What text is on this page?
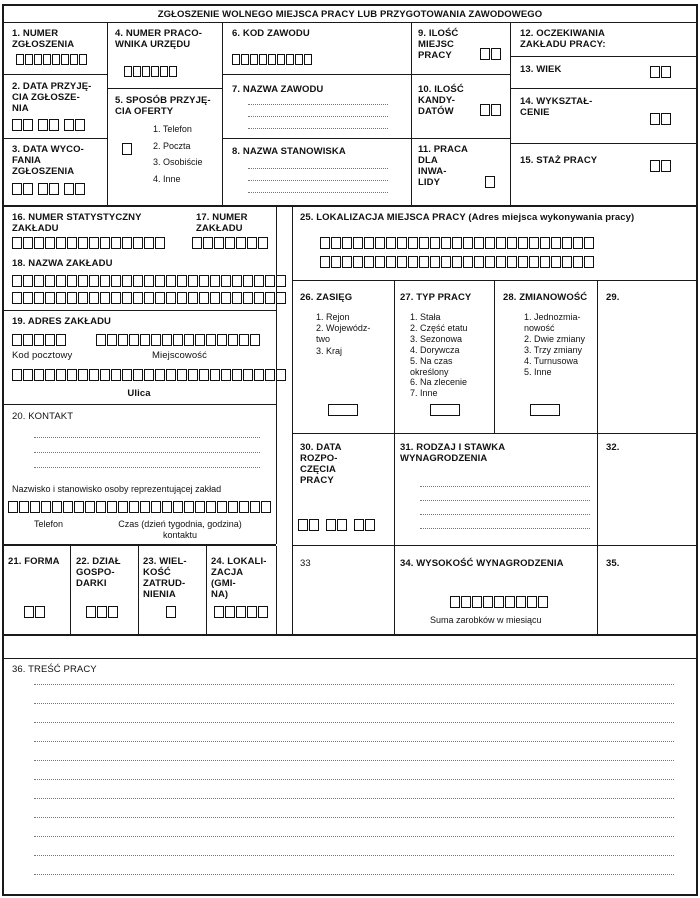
ZGŁOSZENIE WOLNEGO MIEJSCA PRACY LUB PRZYGOTOWANIA ZAWODOWEGO
1. NUMER
ZGŁOSZENIA
2. DATA PRZYJĘ-
CIA ZGŁOSZE-
NIA
3. DATA WYCO-
FANIA
ZGŁOSZENIA
4. NUMER PRACO-
WNIKA URZĘDU
5. SPOSÓB PRZYJĘ-
CIA OFERTY
1. Telefon
2. Poczta
3. Osobiście
4. Inne
6. KOD ZAWODU
7. NAZWA ZAWODU
8. NAZWA STANOWISKA
9. ILOŚĆ
MIEJSC
PRACY
10. ILOŚĆ
KANDY-
DATÓW
11. PRACA
DLA
INWA-
LIDY
12. OCZEKIWANIA
ZAKŁADU PRACY:
13. WIEK
14. WYKSZTAŁ-
CENIE
15. STAŻ PRACY
16. NUMER STATYSTYCZNY
ZAKŁADU
17. NUMER
ZAKŁADU
18. NAZWA ZAKŁADU
19. ADRES ZAKŁADU
Kod pocztowy	Miejscowość
Ulica
20. KONTAKT
Nazwisko i stanowisko osoby reprezentującej zakład
Telefon	Czas (dzień tygodnia, godzina)
kontaktu
21. FORMA 22. DZIAŁ
GOSPO-
DARKI
23. WIEL-
KOŚĆ
ZATRUD-
NIENIA
24. LOKALI-
ZACJA
(GMI-
NA)
25. LOKALIZACJA MIEJSCA PRACY (Adres miejsca wykonywania pracy)
26. ZASIĘG
1. Rejon
2. Wojewódz-
two
3. Kraj
27. TYP PRACY
1. Stała
2. Część etatu
3. Sezonowa
4. Dorywcza
5. Na czas
określony
6. Na zlecenie
7. Inne
28. ZMIANOWOŚĆ
1. Jednozmia-
nowość
2. Dwie zmiany
3. Trzy zmiany
4. Turnusowa
5. Inne
29.
30. DATA
ROZPO-
CZĘCIA
PRACY
31. RODZAJ I STAWKA
WYNAGRODZENIA
32.
33	34. WYSOKOŚĆ WYNAGRODZENIA
Suma zarobków w miesiącu
35.
36. TREŚĆ PRACY
